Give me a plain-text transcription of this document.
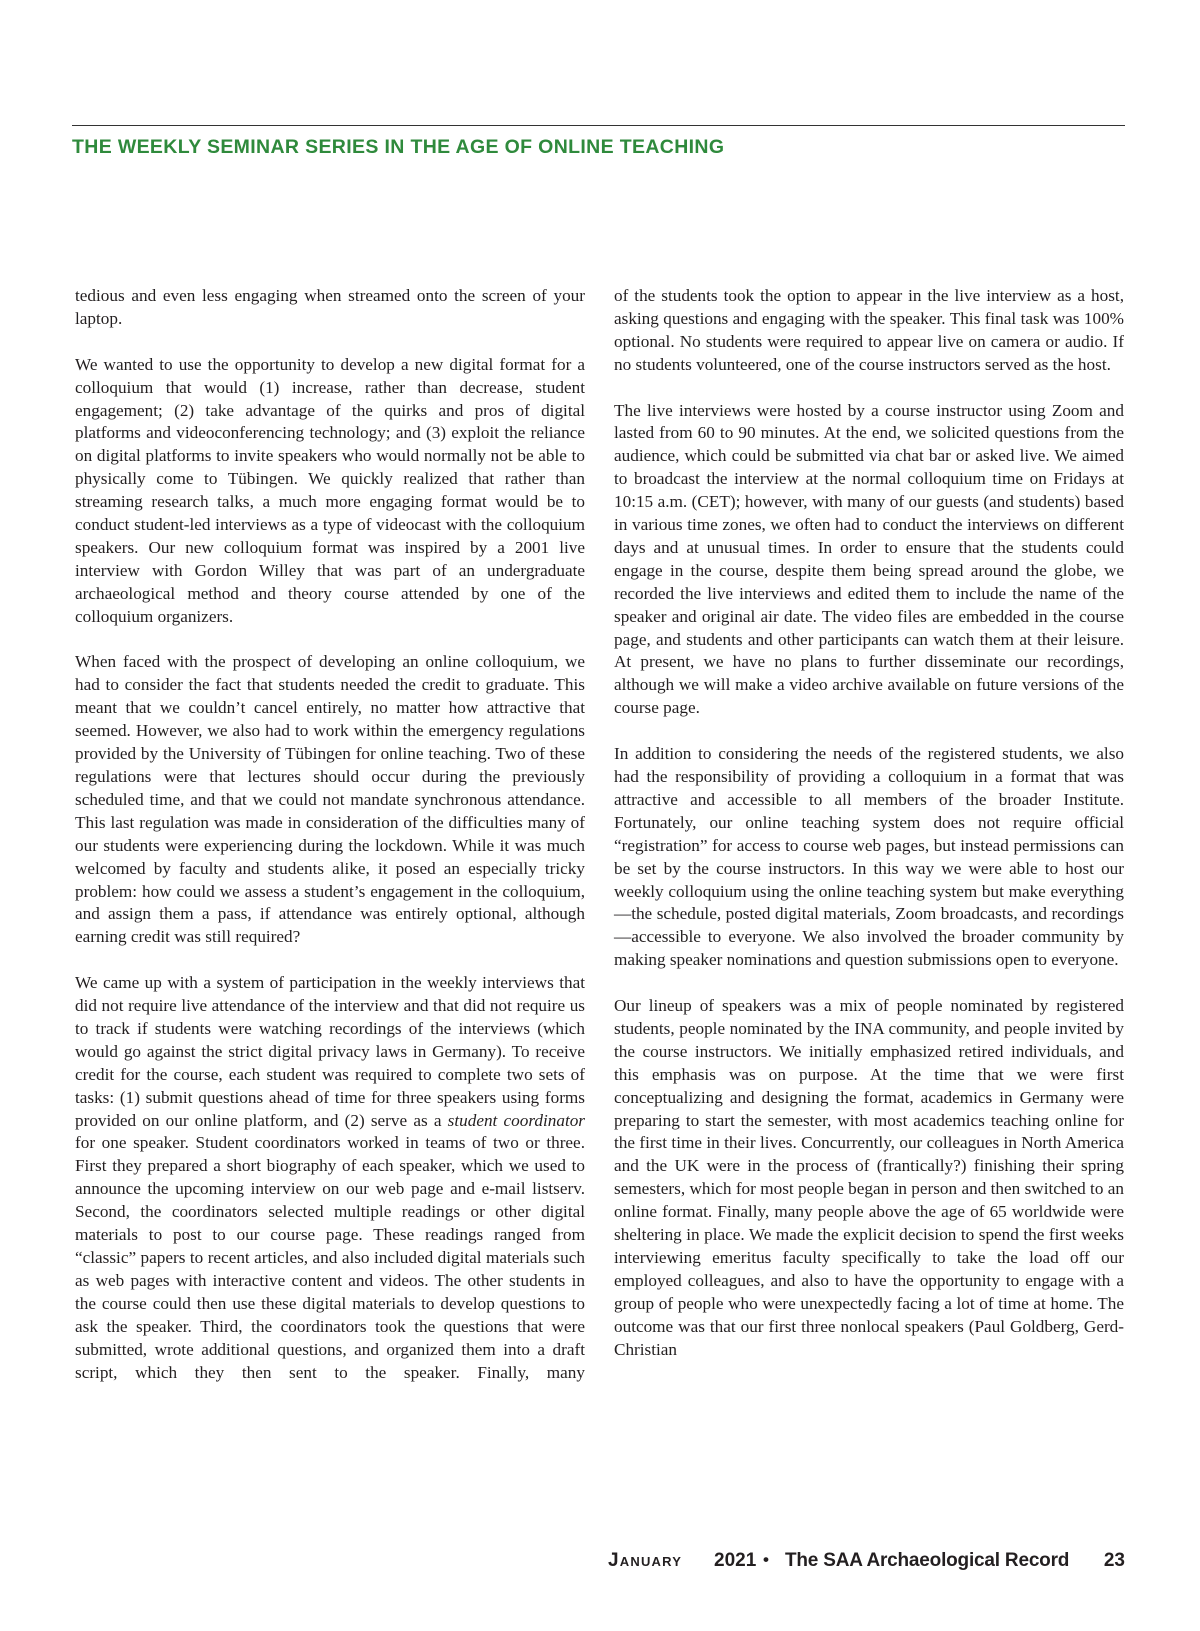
THE WEEKLY SEMINAR SERIES IN THE AGE OF ONLINE TEACHING

tedious and even less engaging when streamed onto the screen of your laptop.

We wanted to use the opportunity to develop a new digital format for a colloquium that would (1) increase, rather than decrease, student engagement; (2) take advantage of the quirks and pros of digital platforms and videoconferencing technology; and (3) exploit the reliance on digital platforms to invite speakers who would normally not be able to physically come to Tübingen. We quickly realized that rather than streaming research talks, a much more engaging format would be to conduct student-led interviews as a type of videocast with the colloquium speakers. Our new colloquium format was inspired by a 2001 live interview with Gordon Willey that was part of an undergraduate archaeological method and theory course attended by one of the colloquium organizers.

When faced with the prospect of developing an online colloquium, we had to consider the fact that students needed the credit to graduate. This meant that we couldn’t cancel entirely, no matter how attractive that seemed. However, we also had to work within the emergency regulations provided by the University of Tübingen for online teaching. Two of these regulations were that lectures should occur during the previously scheduled time, and that we could not mandate synchronous attendance. This last regulation was made in consideration of the difficulties many of our students were experiencing during the lockdown. While it was much welcomed by faculty and students alike, it posed an especially tricky problem: how could we assess a student’s engagement in the colloquium, and assign them a pass, if attendance was entirely optional, although earning credit was still required?

We came up with a system of participation in the weekly interviews that did not require live attendance of the interview and that did not require us to track if students were watching recordings of the interviews (which would go against the strict digital privacy laws in Germany). To receive credit for the course, each student was required to complete two sets of tasks: (1) submit questions ahead of time for three speakers using forms provided on our online platform, and (2) serve as a student coordinator for one speaker. Student coordinators worked in teams of two or three. First they prepared a short biography of each speaker, which we used to announce the upcoming interview on our web page and e-mail listserv. Second, the coordinators selected multiple readings or other digital materials to post to our course page. These readings ranged from “classic” papers to recent articles, and also included digital materials such as web pages with interactive content and videos. The other students in the course could then use these digital materials to develop questions to ask the speaker. Third, the coordinators took the questions that were submitted, wrote additional questions, and organized them into a draft script, which they then sent to the speaker. Finally, many

of the students took the option to appear in the live interview as a host, asking questions and engaging with the speaker. This final task was 100% optional. No students were required to appear live on camera or audio. If no students volunteered, one of the course instructors served as the host.

The live interviews were hosted by a course instructor using Zoom and lasted from 60 to 90 minutes. At the end, we solicited questions from the audience, which could be submitted via chat bar or asked live. We aimed to broadcast the interview at the normal colloquium time on Fridays at 10:15 a.m. (CET); however, with many of our guests (and students) based in various time zones, we often had to conduct the interviews on different days and at unusual times. In order to ensure that the students could engage in the course, despite them being spread around the globe, we recorded the live interviews and edited them to include the name of the speaker and original air date. The video files are embedded in the course page, and students and other participants can watch them at their leisure. At present, we have no plans to further disseminate our recordings, although we will make a video archive available on future versions of the course page.

In addition to considering the needs of the registered students, we also had the responsibility of providing a colloquium in a format that was attractive and accessible to all members of the broader Institute. Fortunately, our online teaching system does not require official “registration” for access to course web pages, but instead permissions can be set by the course instructors. In this way we were able to host our weekly colloquium using the online teaching system but make everything—the schedule, posted digital materials, Zoom broadcasts, and recordings—accessible to everyone. We also involved the broader community by making speaker nominations and question submissions open to everyone.

Our lineup of speakers was a mix of people nominated by registered students, people nominated by the INA community, and people invited by the course instructors. We initially emphasized retired individuals, and this emphasis was on purpose. At the time that we were first conceptualizing and designing the format, academics in Germany were preparing to start the semester, with most academics teaching online for the first time in their lives. Concurrently, our colleagues in North America and the UK were in the process of (frantically?) finishing their spring semesters, which for most people began in person and then switched to an online format. Finally, many people above the age of 65 worldwide were sheltering in place. We made the explicit decision to spend the first weeks interviewing emeritus faculty specifically to take the load off our employed colleagues, and also to have the opportunity to engage with a group of people who were unexpectedly facing a lot of time at home. The outcome was that our first three nonlocal speakers (Paul Goldberg, Gerd-Christian

January 2021 • The SAA Archaeological Record 23
